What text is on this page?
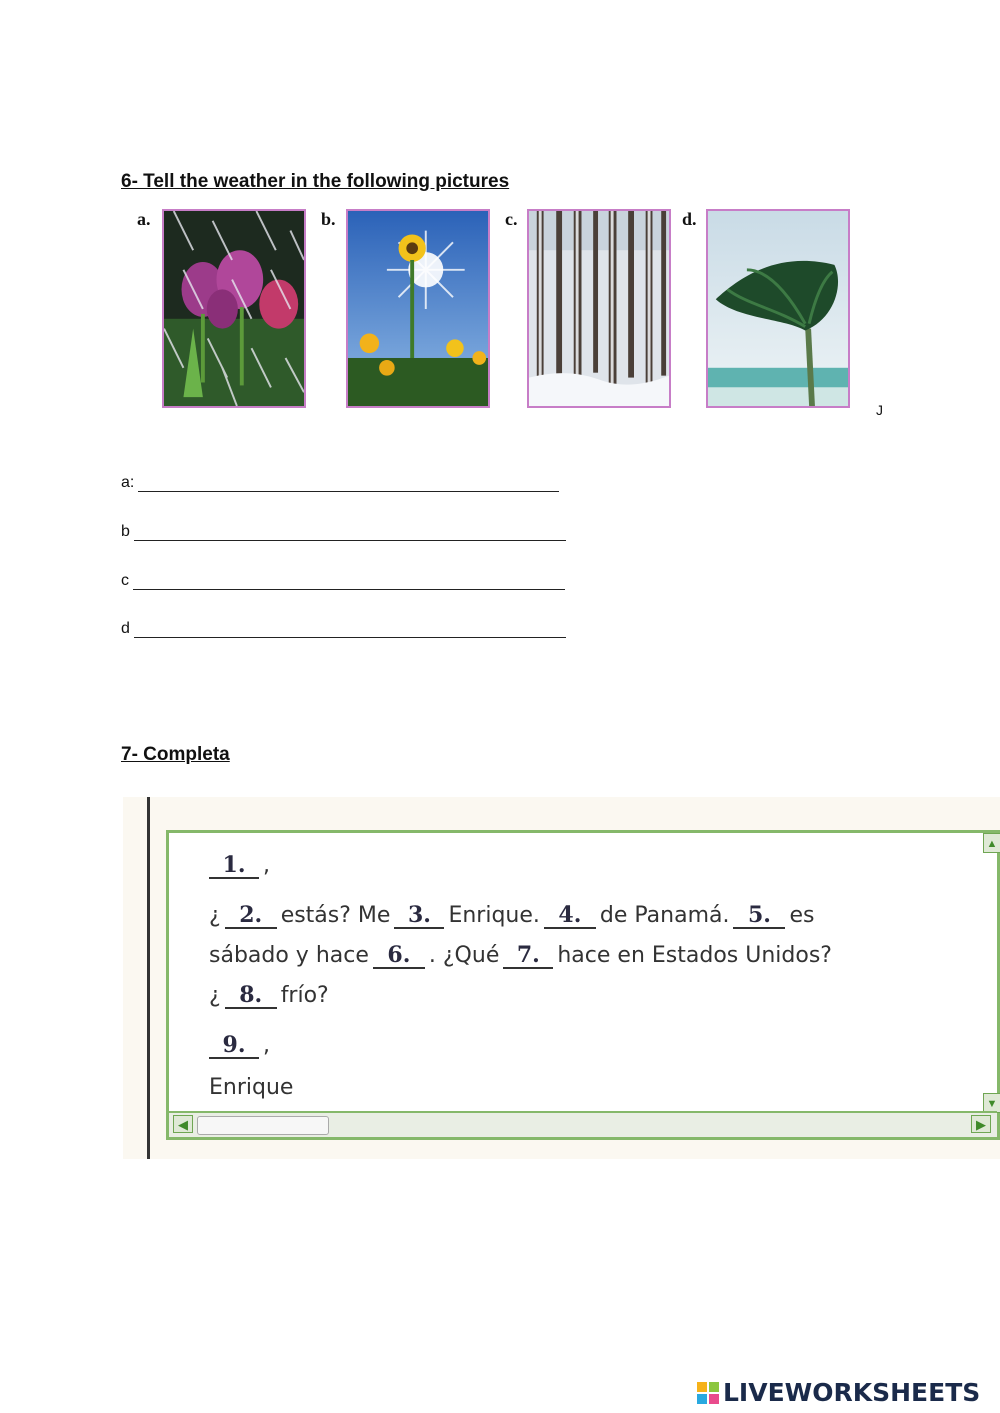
6- Tell the weather in the following pictures
a.	b.	c.	d.
J
a:
b
c
d
7- Completa
1. ,
¿ 2. estás? Me 3. Enrique. 4. de Panamá. 5. es
sábado y hace 6. . ¿Qué 7. hace en Estados Unidos?
¿ 8. frío?
9. ,
Enrique
▲
▼
◀	▶
LIVEWORKSHEETS
